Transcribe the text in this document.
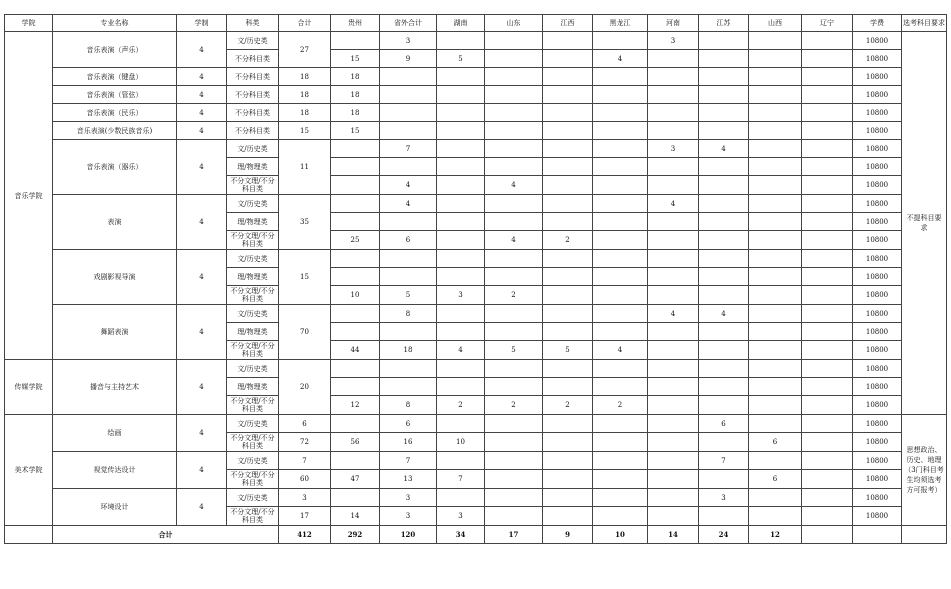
学院	专业名称	学制	科类	合计	贵州	省外合计	湖南	山东	江西	黑龙江	河南	江苏	山西	辽宁	学费	选考科目要求
音乐学院	音乐表演（声乐）	4	文/历史类	27		3					3				10800	不提科目要求
			不分科目类		15	9	5			4					10800	
	音乐表演（键盘）	4	不分科目类	18	18										10800	
	音乐表演（管弦）	4	不分科目类	18	18										10800	
	音乐表演（民乐）	4	不分科目类	18	18										10800	
	音乐表演(少数民族音乐)	4	不分科目类	15	15										10800	
	音乐表演（器乐）	4	文/历史类	11		7					3	4			10800	
			理/物理类												10800	
			不分文理/不分科目类			4		4							10800	
	表演	4	文/历史类	35		4					4				10800	
			理/物理类												10800	
			不分文理/不分科目类		25	6		4	2						10800	
	戏剧影视导演	4	文/历史类	15											10800	
			理/物理类												10800	
			不分文理/不分科目类		10	5	3	2							10800	
	舞蹈表演	4	文/历史类	70		8					4	4			10800	
			理/物理类												10800	
			不分文理/不分科目类		44	18	4	5	5	4					10800	
传媒学院	播音与主持艺术	4	文/历史类	20											10800	
			理/物理类												10800	
			不分文理/不分科目类		12	8	2	2	2	2					10800	
美术学院	绘画	4	文/历史类	6		6						6			10800	思想政治、历史、地理（3门科目考生均须选考方可报考）
			不分文理/不分科目类	72	56	16	10						6		10800	
	视觉传达设计	4	文/历史类	7		7						7			10800	
			不分文理/不分科目类	60	47	13	7						6		10800	
	环境设计	4	文/历史类	3		3						3			10800	
			不分文理/不分科目类	17	14	3	3								10800	
	合计			412	292	120	34	17	9	10	14	24	12			
